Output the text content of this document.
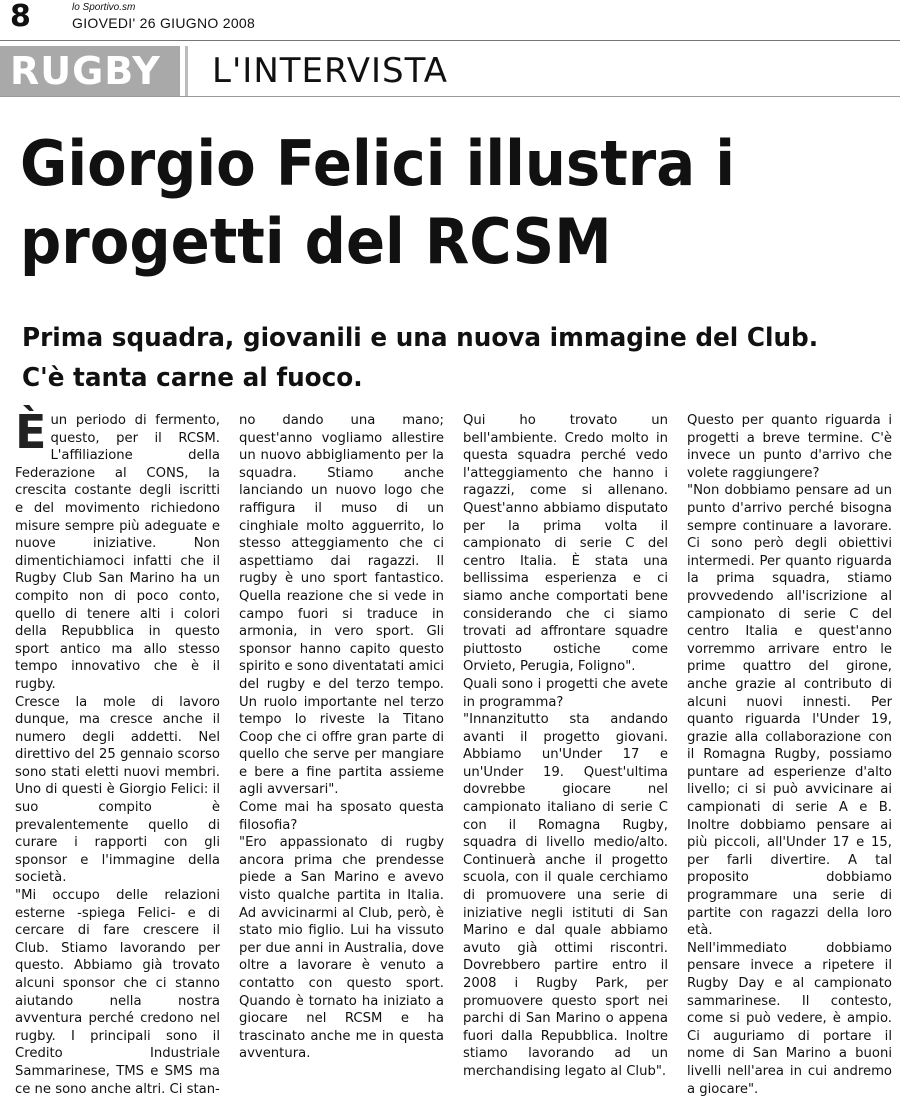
8	lo Sportivo.sm
GIOVEDI' 26 GIUGNO 2008
RUGBY	L'INTERVISTA
Giorgio Felici illustra i progetti del RCSM
Prima squadra, giovanili e una nuova immagine del Club. C'è tanta carne al fuoco.

Èun periodo di fermento, questo, per il RCSM. L'affiliazione della Federazione al CONS, la crescita costante degli iscritti e del movimento richiedono misure sempre più adeguate e nuove iniziative. Non dimentichiamoci infatti che il Rugby Club San Marino ha un compito non di poco conto, quello di tenere alti i colori della Repubblica in questo sport antico ma allo stesso tempo innovativo che è il rugby.

Cresce la mole di lavoro dunque, ma cresce anche il numero degli addetti. Nel direttivo del 25 gennaio scorso sono stati eletti nuovi membri. Uno di questi è Giorgio Felici: il suo compito è prevalentemente quello di curare i rapporti con gli sponsor e l'immagine della società.

"Mi occupo delle relazioni esterne -spiega Felici- e di cercare di fare crescere il Club. Stiamo lavorando per questo. Abbiamo già trovato alcuni sponsor che ci stanno aiutando nella nostra avventura perché credono nel rugby. I principali sono il Credito Industriale Sammarinese, TMS e SMS ma ce ne sono anche altri. Ci stan-

no dando una mano; quest'anno vogliamo allestire un nuovo abbigliamento per la squadra. Stiamo anche lanciando un nuovo logo che raffigura il muso di un cinghiale molto agguerrito, lo stesso atteggiamento che ci aspettiamo dai ragazzi. Il rugby è uno sport fantastico. Quella reazione che si vede in campo fuori si traduce in armonia, in vero sport. Gli sponsor hanno capito questo spirito e sono diventatati amici del rugby e del terzo tempo. Un ruolo importante nel terzo tempo lo riveste la Titano Coop che ci offre gran parte di quello che serve per mangiare e bere a fine partita assieme agli avversari".

Come mai ha sposato questa filosofia?

"Ero appassionato di rugby ancora prima che prendesse piede a San Marino e avevo visto qualche partita in Italia. Ad avvicinarmi al Club, però, è stato mio figlio. Lui ha vissuto per due anni in Australia, dove oltre a lavorare è venuto a contatto con questo sport. Quando è tornato ha iniziato a giocare nel RCSM e ha trascinato anche me in questa avventura.

Qui ho trovato un bell'ambiente. Credo molto in questa squadra perché vedo l'atteggiamento che hanno i ragazzi, come si allenano. Quest'anno abbiamo disputato per la prima volta il campionato di serie C del centro Italia. È stata una bellissima esperienza e ci siamo anche comportati bene considerando che ci siamo trovati ad affrontare squadre piuttosto ostiche come Orvieto, Perugia, Foligno".

Quali sono i progetti che avete in programma?

"Innanzitutto sta andando avanti il progetto giovani. Abbiamo un'Under 17 e un'Under 19. Quest'ultima dovrebbe giocare nel campionato italiano di serie C con il Romagna Rugby, squadra di livello medio/alto. Continuerà anche il progetto scuola, con il quale cerchiamo di promuovere una serie di iniziative negli istituti di San Marino e dal quale abbiamo avuto già ottimi riscontri. Dovrebbero partire entro il 2008 i Rugby Park, per promuovere questo sport nei parchi di San Marino o appena fuori dalla Repubblica. Inoltre stiamo lavorando ad un merchandising legato al Club".

Questo per quanto riguarda i progetti a breve termine. C'è invece un punto d'arrivo che volete raggiungere?

"Non dobbiamo pensare ad un punto d'arrivo perché bisogna sempre continuare a lavorare. Ci sono però degli obiettivi intermedi. Per quanto riguarda la prima squadra, stiamo provvedendo all'iscrizione al campionato di serie C del centro Italia e quest'anno vorremmo arrivare entro le prime quattro del girone, anche grazie al contributo di alcuni nuovi innesti. Per quanto riguarda l'Under 19, grazie alla collaborazione con il Romagna Rugby, possiamo puntare ad esperienze d'alto livello; ci si può avvicinare ai campionati di serie A e B. Inoltre dobbiamo pensare ai più piccoli, all'Under 17 e 15, per farli divertire. A tal proposito dobbiamo programmare una serie di partite con ragazzi della loro età.

Nell'immediato dobbiamo pensare invece a ripetere il Rugby Day e al campionato sammarinese. Il contesto, come si può vedere, è ampio. Ci auguriamo di portare il nome di San Marino a buoni livelli nell'area in cui andremo a giocare".
